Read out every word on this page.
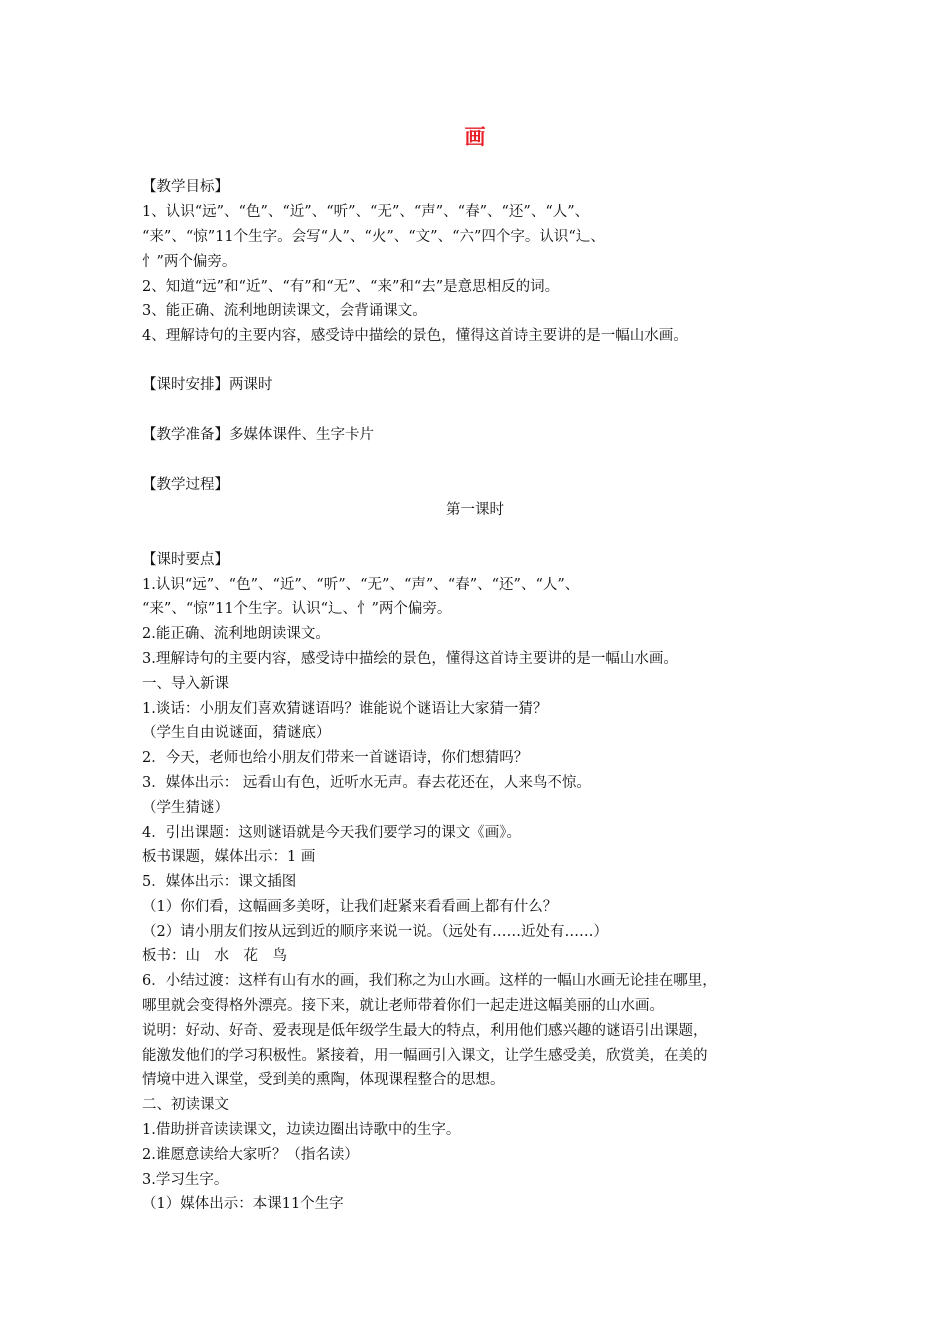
画
【教学目标】
1、认识“远”、“色”、“近”、“听”、“无”、“声”、“春”、“还”、“人”、
“来”、“惊”11个生字。会写“人”、“火”、“文”、“六”四个字。认识“辶、
忄”两个偏旁。
2、知道“远”和“近”、“有”和“无”、“来”和“去”是意思相反的词。
3、能正确、流利地朗读课文，会背诵课文。
4、理解诗句的主要内容，感受诗中描绘的景色，懂得这首诗主要讲的是一幅山水画。
【课时安排】两课时
【教学准备】多媒体课件、生字卡片
【教学过程】
第一课时
【课时要点】
1.认识“远”、“色”、“近”、“听”、“无”、“声”、“春”、“还”、“人”、
“来”、“惊”11个生字。认识“辶、忄”两个偏旁。
2.能正确、流利地朗读课文。
3.理解诗句的主要内容，感受诗中描绘的景色，懂得这首诗主要讲的是一幅山水画。
一、导入新课
1.谈话：小朋友们喜欢猜谜语吗？谁能说个谜语让大家猜一猜？
（学生自由说谜面，猜谜底）
2．今天，老师也给小朋友们带来一首谜语诗，你们想猜吗？
3．媒体出示： 远看山有色，近听水无声。春去花还在，人来鸟不惊。
（学生猜谜）
4．引出课题：这则谜语就是今天我们要学习的课文《画》。
板书课题，媒体出示：1 画
5．媒体出示：课文插图
（1）你们看，这幅画多美呀，让我们赶紧来看看画上都有什么？
（2）请小朋友们按从远到近的顺序来说一说。（远处有……近处有……）
板书：山　水　花　鸟
6．小结过渡：这样有山有水的画，我们称之为山水画。这样的一幅山水画无论挂在哪里，
哪里就会变得格外漂亮。接下来，就让老师带着你们一起走进这幅美丽的山水画。
说明：好动、好奇、爱表现是低年级学生最大的特点，利用他们感兴趣的谜语引出课题，
能激发他们的学习积极性。紧接着，用一幅画引入课文，让学生感受美，欣赏美，在美的
情境中进入课堂，受到美的熏陶，体现课程整合的思想。
二、初读课文
1.借助拼音读读课文，边读边圈出诗歌中的生字。
2.谁愿意读给大家听？（指名读）
3.学习生字。
（1）媒体出示：本课11个生字
